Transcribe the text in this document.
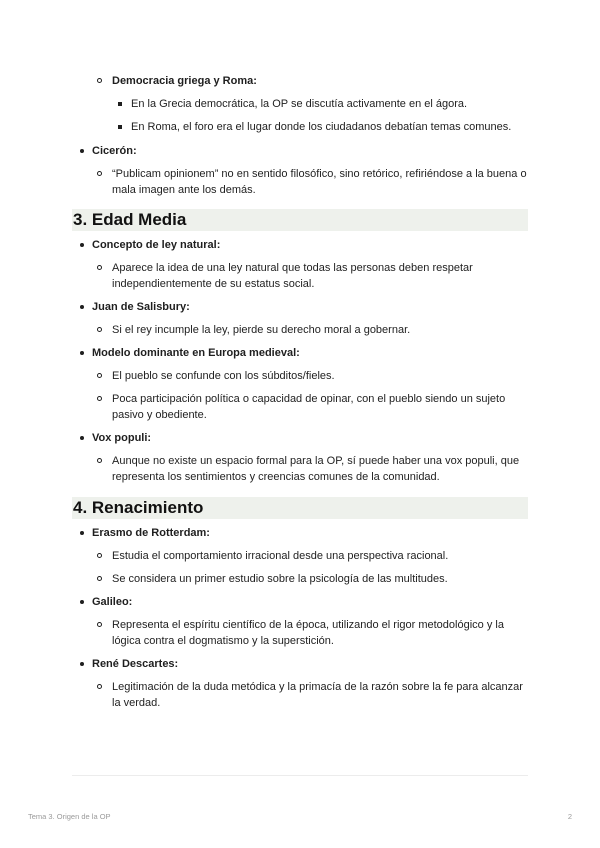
Democracia griega y Roma:
En la Grecia democrática, la OP se discutía activamente en el ágora.
En Roma, el foro era el lugar donde los ciudadanos debatían temas comunes.
Cicerón:
“Publicam opinionem” no en sentido filosófico, sino retórico, refiriéndose a la buena o mala imagen ante los demás.
3. Edad Media
Concepto de ley natural:
Aparece la idea de una ley natural que todas las personas deben respetar independientemente de su estatus social.
Juan de Salisbury:
Si el rey incumple la ley, pierde su derecho moral a gobernar.
Modelo dominante en Europa medieval:
El pueblo se confunde con los súbditos/fieles.
Poca participación política o capacidad de opinar, con el pueblo siendo un sujeto pasivo y obediente.
Vox populi:
Aunque no existe un espacio formal para la OP, sí puede haber una vox populi, que representa los sentimientos y creencias comunes de la comunidad.
4. Renacimiento
Erasmo de Rotterdam:
Estudia el comportamiento irracional desde una perspectiva racional.
Se considera un primer estudio sobre la psicología de las multitudes.
Galileo:
Representa el espíritu científico de la época, utilizando el rigor metodológico y la lógica contra el dogmatismo y la superstición.
René Descartes:
Legitimación de la duda metódica y la primacía de la razón sobre la fe para alcanzar la verdad.
Tema 3. Origen de la OP	2
